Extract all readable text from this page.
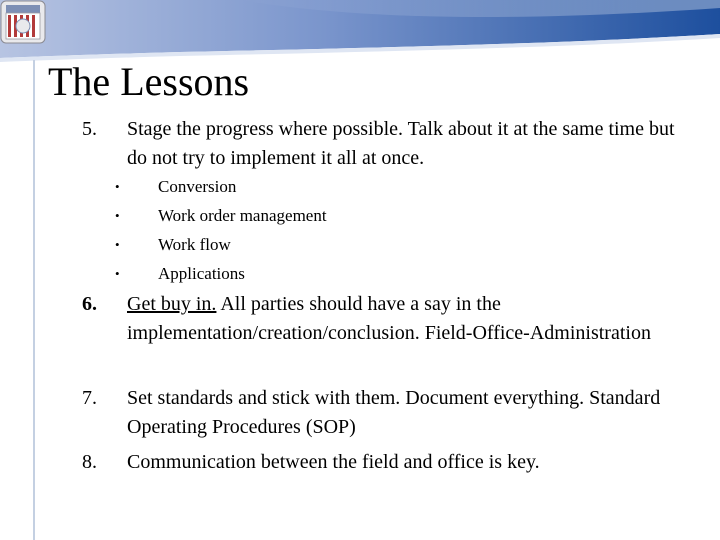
The Lessons
5.	Stage the progress where possible. Talk about it at the same time but do not try to implement it all at once.
• Conversion
• Work order management
• Work flow
• Applications
6.	Get buy in. All parties should have a say in the implementation/creation/conclusion. Field-Office-Administration
7.	Set standards and stick with them. Document everything. Standard Operating Procedures (SOP)
8.	Communication between the field and office is key.
